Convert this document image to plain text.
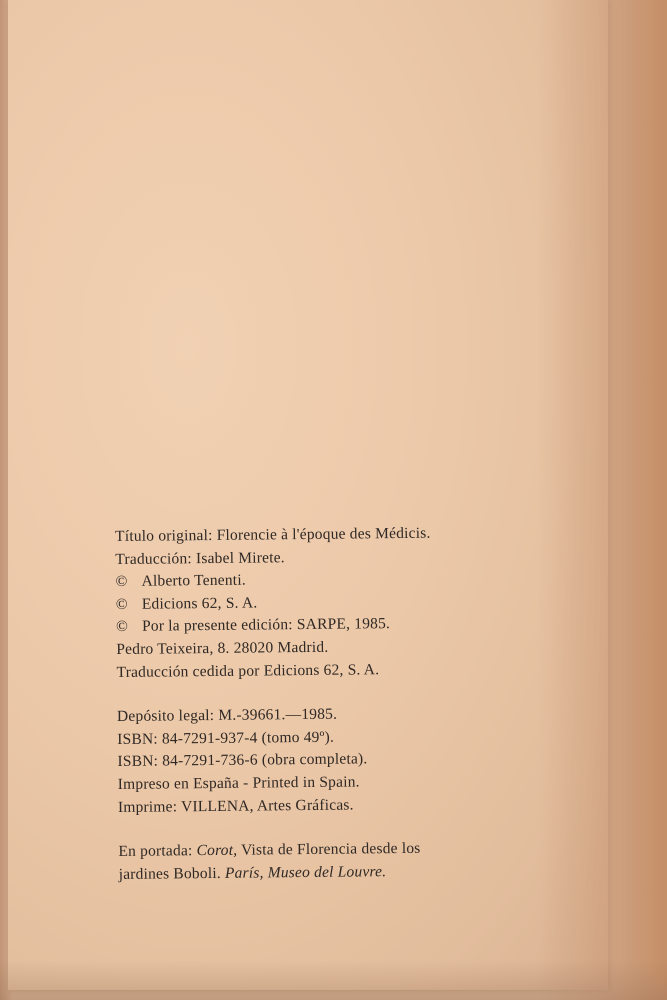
Título original: Florencie à l'époque des Médicis.
Traducción: Isabel Mirete.
© Alberto Tenenti.
© Edicions 62, S. A.
© Por la presente edición: SARPE, 1985.
Pedro Teixeira, 8. 28020 Madrid.
Traducción cedida por Edicions 62, S. A.
Depósito legal: M.-39661.—1985.
ISBN: 84-7291-937-4 (tomo 49º).
ISBN: 84-7291-736-6 (obra completa).
Impreso en España - Printed in Spain.
Imprime: VILLENA, Artes Gráficas.
En portada: Corot, Vista de Florencia desde los
jardines Boboli. París, Museo del Louvre.
